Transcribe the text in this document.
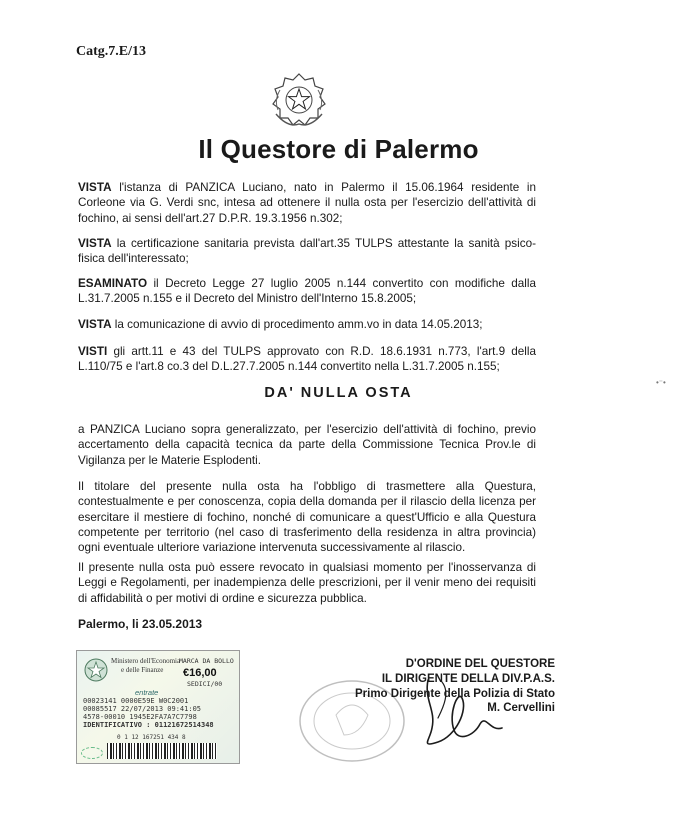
Catg.7.E/13
Il Questore di Palermo
VISTA l'istanza di PANZICA Luciano, nato in Palermo il 15.06.1964 residente in Corleone via G. Verdi snc, intesa ad ottenere il nulla osta per l'esercizio dell'attività di fochino, ai sensi dell'art.27 D.P.R. 19.3.1956 n.302;
VISTA la certificazione sanitaria prevista dall'art.35 TULPS attestante la sanità psico-fisica dell'interessato;
ESAMINATO il Decreto Legge 27 luglio 2005 n.144 convertito con modifiche dalla L.31.7.2005 n.155 e il Decreto del Ministro dell'Interno 15.8.2005;
VISTA la comunicazione di avvio di procedimento amm.vo in data 14.05.2013;
VISTI gli artt.11 e 43 del TULPS approvato con R.D. 18.6.1931 n.773, l'art.9 della L.110/75 e l'art.8 co.3 del D.L.27.7.2005 n.144 convertito nella L.31.7.2005 n.155;
DA' NULLA OSTA
•⁻•
a PANZICA Luciano sopra generalizzato, per l'esercizio dell'attività di fochino, previo accertamento della capacità tecnica da parte della Commissione Tecnica Prov.le di Vigilanza per le Materie Esplodenti.
Il titolare del presente nulla osta ha l'obbligo di trasmettere alla Questura, contestualmente e per conoscenza, copia della domanda per il rilascio della licenza per esercitare il mestiere di fochino, nonché di comunicare a quest'Ufficio e alla Questura competente per territorio (nel caso di trasferimento della residenza in altra provincia) ogni eventuale ulteriore variazione intervenuta successivamente al rilascio.
Il presente nulla osta può essere revocato in qualsiasi momento per l'inosservanza di Leggi e Regolamenti, per inadempienza delle prescrizioni, per il venir meno dei requisiti di affidabilità o per motivi di ordine e sicurezza pubblica.
Palermo, li 23.05.2013
Ministero dell'Economia
e delle Finanze
MARCA DA BOLLO
€16,00
SEDICI/00
entrate
00023141 0000E59E W0C2001
00085517 22/07/2013 09:41:05
4578-00010 1945E2FA7A7C7798
IDENTIFICATIVO : 01121672514348
0 1 12 167251 434 8
D'ORDINE DEL QUESTORE
IL DIRIGENTE DELLA DIV.P.A.S.
Primo Dirigente della Polizia di Stato
M. Cervellini
